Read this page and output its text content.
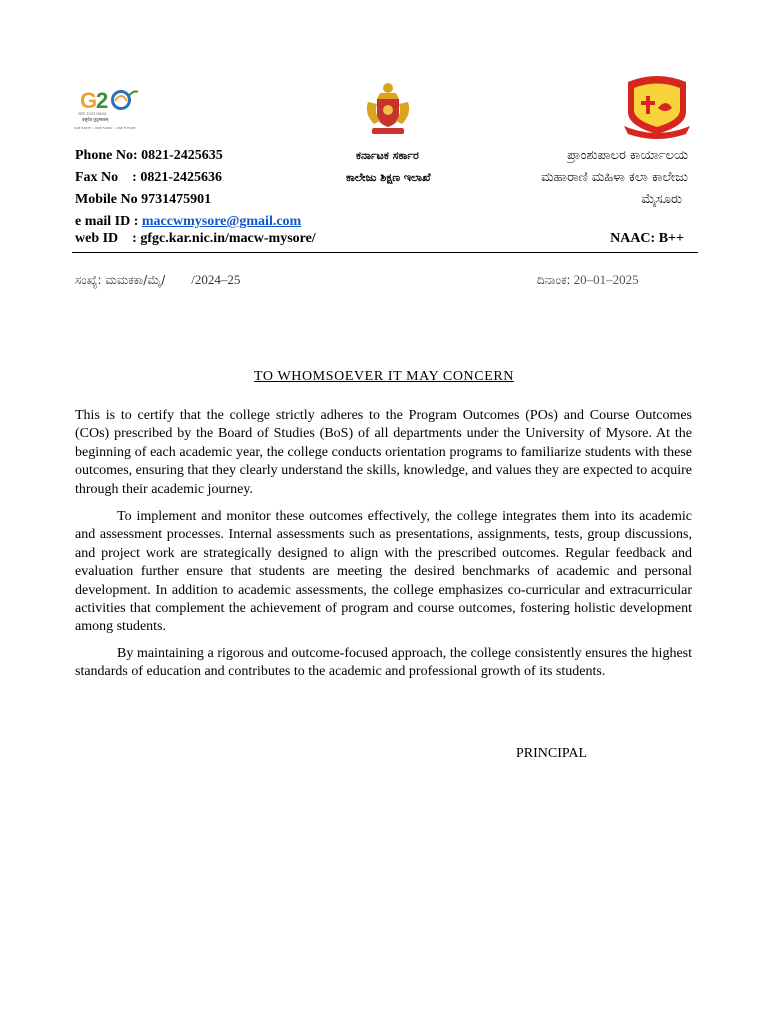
G
2
भारत 2023 INDIA
वसुधैव कुटुम्बकम्
ONE EARTH • ONE FAMILY • ONE FUTURE
Phone No: 0821-2425635
Fax No    : 0821-2425636
Mobile No 9731475901
e mail ID : maccwmysore@gmail.com
web ID    : gfgc.kar.nic.in/macw-mysore/
ಕರ್ನಾಟಕ ಸರ್ಕಾರ
ಕಾಲೇಜು ಶಿಕ್ಷಣ ಇಲಾಖೆ
ಪ್ರಾಂಶುಪಾಲರ ಕಾರ್ಯಾಲಯ
ಮಹಾರಾಣಿ ಮಹಿಳಾ ಕಲಾ ಕಾಲೇಜು
ಮೈಸೂರು
NAAC: B++
ಸಂಖ್ಯೆ: ಮಮಕಕಾ/ಮೈ/ /2024–25	ದಿನಾಂಕ: 20–01–2025
TO WHOMSOEVER IT MAY CONCERN

This is to certify that the college strictly adheres to the Program Outcomes (POs) and Course Outcomes (COs) prescribed by the Board of Studies (BoS) of all departments under the University of Mysore. At the beginning of each academic year, the college conducts orientation programs to familiarize students with these outcomes, ensuring that they clearly understand the skills, knowledge, and values they are expected to acquire through their academic journey.

To implement and monitor these outcomes effectively, the college integrates them into its academic and assessment processes. Internal assessments such as presentations, assignments, tests, group discussions, and project work are strategically designed to align with the prescribed outcomes. Regular feedback and evaluation further ensure that students are meeting the desired benchmarks of academic and personal development. In addition to academic assessments, the college emphasizes co-curricular and extracurricular activities that complement the achievement of program and course outcomes, fostering holistic development among students.

By maintaining a rigorous and outcome-focused approach, the college consistently ensures the highest standards of education and contributes to the academic and professional growth of its students.

PRINCIPAL
